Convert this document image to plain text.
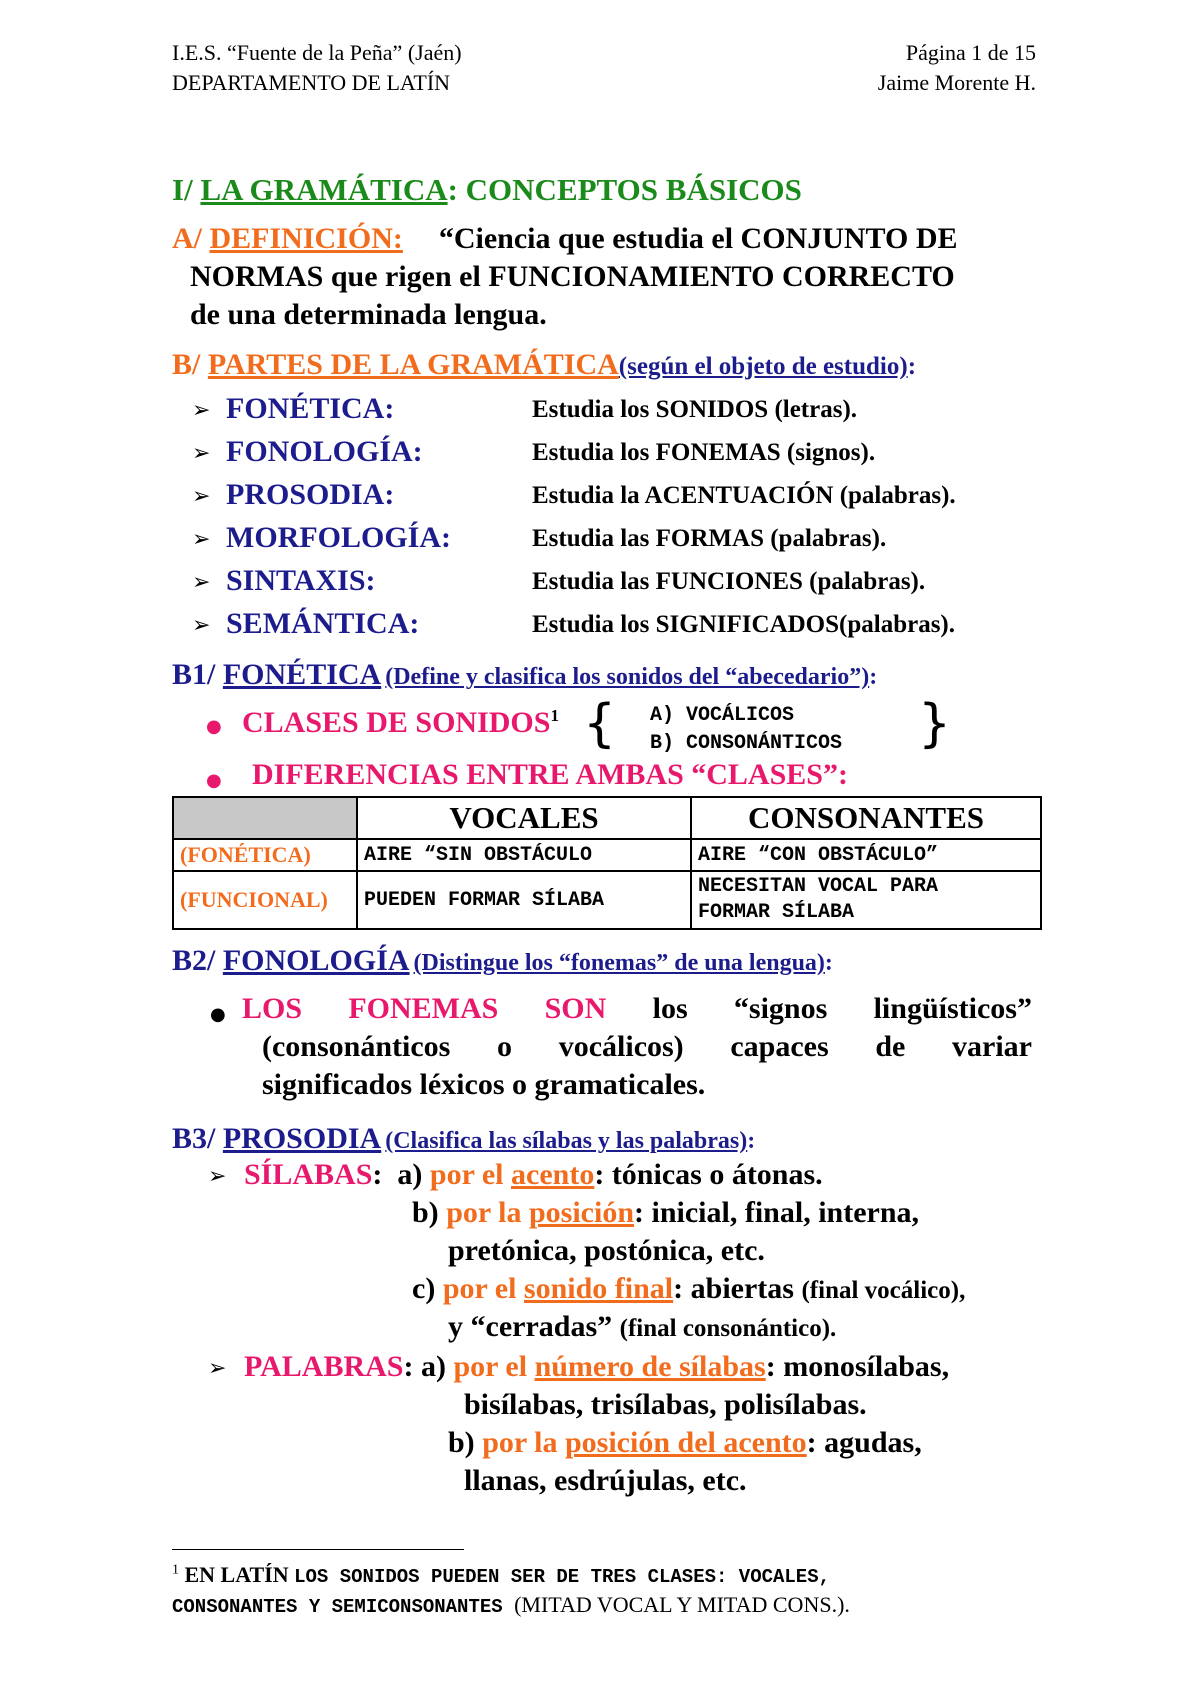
I.E.S. “Fuente de la Peña” (Jaén)
DEPARTAMENTO DE LATÍN
Página 1 de 15
Jaime Morente H.
I/ LA GRAMÁTICA: CONCEPTOS BÁSICOS
A/ DEFINICIÓN: “Ciencia que estudia el CONJUNTO DE
NORMAS que rigen el FUNCIONAMIENTO CORRECTO
de una determinada lengua.
B/ PARTES DE LA GRAMÁTICA(según el objeto de estudio):
➢ FONÉTICA:	Estudia los SONIDOS (letras).
➢ FONOLOGÍA:	Estudia los FONEMAS (signos).
➢ PROSODIA:	Estudia la ACENTUACIÓN (palabras).
➢ MORFOLOGÍA:	Estudia las FORMAS (palabras).
➢ SINTAXIS:	Estudia las FUNCIONES (palabras).
➢ SEMÁNTICA:	Estudia los SIGNIFICADOS(palabras).
B1/ FONÉTICA (Define y clasifica los sonidos del “abecedario”):
● CLASES DE SONIDOS$^1$ { A) VOCÁLICOS
B) CONSONÁNTICOS }
● DIFERENCIAS ENTRE AMBAS “CLASES”:
	VOCALES	CONSONANTES
(FONÉTICA)	AIRE “SIN OBSTÁCULO	AIRE “CON OBSTÁCULO”
(FUNCIONAL)	PUEDEN FORMAR SÍLABA	NECESITAN VOCAL PARA
FORMAR SÍLABA
B2/ FONOLOGÍA (Distingue los “fonemas” de una lengua):
● LOS FONEMAS SON los “signos lingüísticos”
(consonánticos o vocálicos) capaces de variar
significados léxicos o gramaticales.
B3/ PROSODIA (Clasifica las sílabas y las palabras):
➢ SÍLABAS:  a) por el acento: tónicas o átonas.
b) por la posición: inicial, final, interna,
pretónica, postónica, etc.
c) por el sonido final: abiertas (final vocálico),
y “cerradas” (final consonántico).
➢ PALABRAS: a) por el número de sílabas: monosílabas,
bisílabas, trisílabas, polisílabas.
b) por la posición del acento: agudas,
llanas, esdrújulas, etc.
$^1$ EN LATÍN LOS SONIDOS PUEDEN SER DE TRES CLASES: VOCALES,
CONSONANTES Y SEMICONSONANTES (MITAD VOCAL Y MITAD CONS.).
